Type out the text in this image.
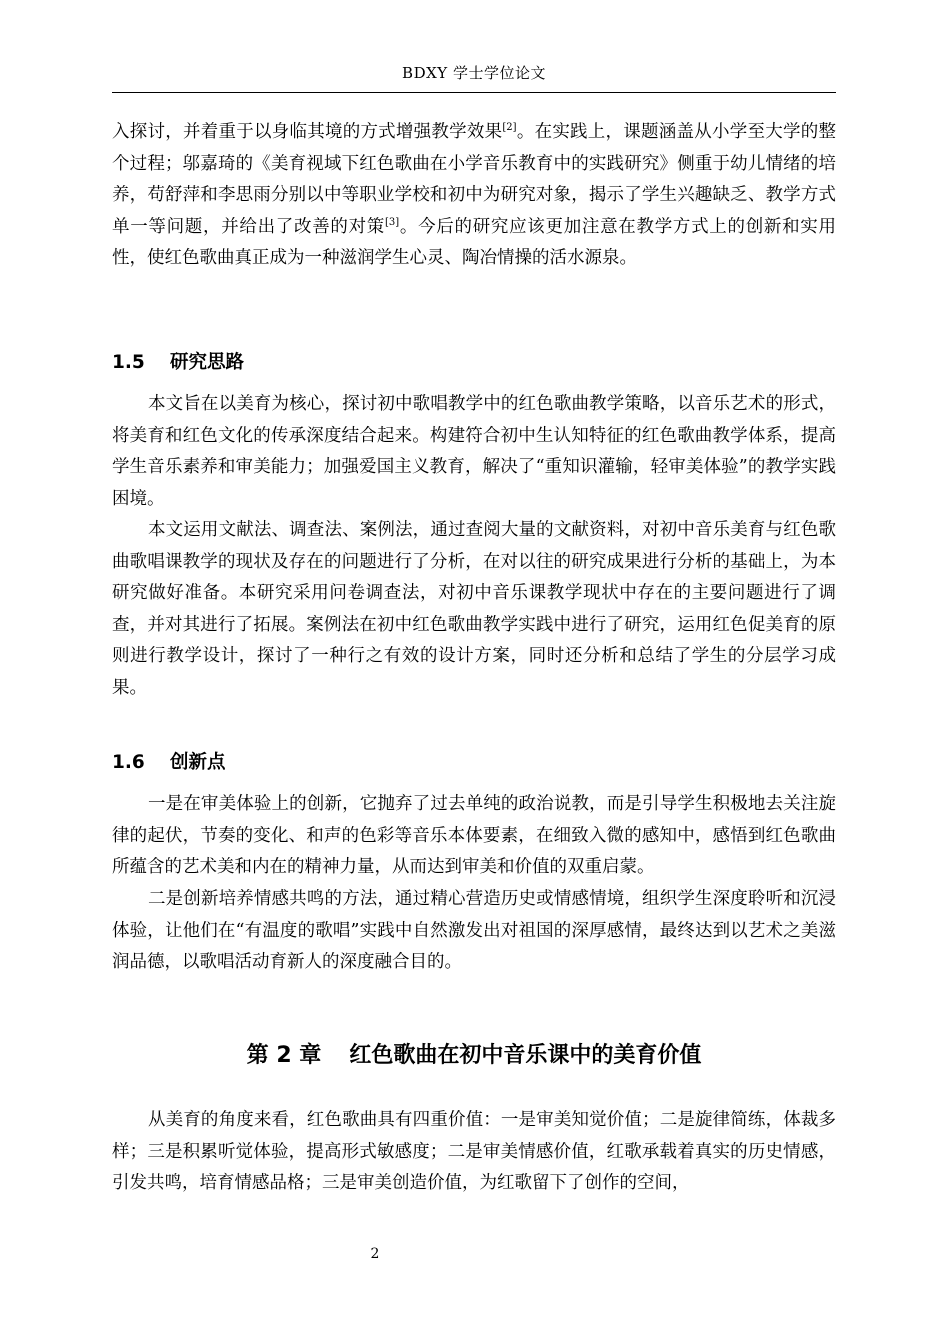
BDXY 学士学位论文

入探讨，并着重于以身临其境的方式增强教学效果[2]。在实践上，课题涵盖从小学至大学的整个过程；邬嘉琦的《美育视域下红色歌曲在小学音乐教育中的实践研究》侧重于幼儿情绪的培养，苟舒萍和李思雨分别以中等职业学校和初中为研究对象，揭示了学生兴趣缺乏、教学方式单一等问题，并给出了改善的对策[3]。今后的研究应该更加注意在教学方式上的创新和实用性，使红色歌曲真正成为一种滋润学生心灵、陶冶情操的活水源泉。

1.5 研究思路

本文旨在以美育为核心，探讨初中歌唱教学中的红色歌曲教学策略，以音乐艺术的形式，将美育和红色文化的传承深度结合起来。构建符合初中生认知特征的红色歌曲教学体系，提高学生音乐素养和审美能力；加强爱国主义教育，解决了“重知识灌输，轻审美体验”的教学实践困境。

本文运用文献法、调查法、案例法，通过查阅大量的文献资料，对初中音乐美育与红色歌曲歌唱课教学的现状及存在的问题进行了分析，在对以往的研究成果进行分析的基础上，为本研究做好准备。本研究采用问卷调查法，对初中音乐课教学现状中存在的主要问题进行了调查，并对其进行了拓展。案例法在初中红色歌曲教学实践中进行了研究，运用红色促美育的原则进行教学设计，探讨了一种行之有效的设计方案，同时还分析和总结了学生的分层学习成果。

1.6 创新点

一是在审美体验上的创新，它抛弃了过去单纯的政治说教，而是引导学生积极地去关注旋律的起伏，节奏的变化、和声的色彩等音乐本体要素，在细致入微的感知中，感悟到红色歌曲所蕴含的艺术美和内在的精神力量，从而达到审美和价值的双重启蒙。

二是创新培养情感共鸣的方法，通过精心营造历史或情感情境，组织学生深度聆听和沉浸体验，让他们在“有温度的歌唱”实践中自然激发出对祖国的深厚感情，最终达到以艺术之美滋润品德，以歌唱活动育新人的深度融合目的。

第 2 章 红色歌曲在初中音乐课中的美育价值

从美育的角度来看，红色歌曲具有四重价值：一是审美知觉价值；二是旋律简练，体裁多样；三是积累听觉体验，提高形式敏感度；二是审美情感价值，红歌承载着真实的历史情感，引发共鸣，培育情感品格；三是审美创造价值，为红歌留下了创作的空间，

2
